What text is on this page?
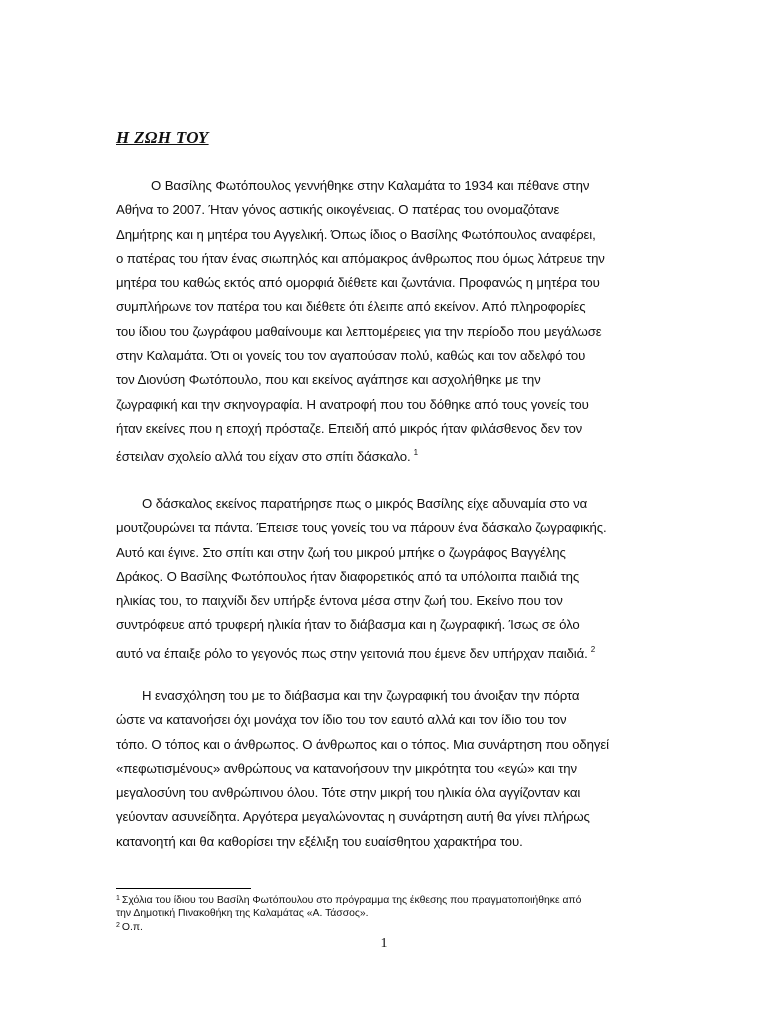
Η ΖΩΗ ΤΟΥ
Ο Βασίλης Φωτόπουλος γεννήθηκε στην Καλαμάτα το 1934 και πέθανε στην
Αθήνα το 2007. Ήταν γόνος αστικής οικογένειας. Ο πατέρας του ονομαζότανε
Δημήτρης και η μητέρα του Αγγελική. Όπως ίδιος ο Βασίλης Φωτόπουλος αναφέρει,
ο πατέρας του ήταν ένας σιωπηλός και απόμακρος άνθρωπος που όμως λάτρευε την
μητέρα του καθώς εκτός από ομορφιά διέθετε και ζωντάνια. Προφανώς η μητέρα του
συμπλήρωνε τον πατέρα του και διέθετε ότι έλειπε από εκείνον. Από πληροφορίες
του ίδιου του ζωγράφου μαθαίνουμε και λεπτομέρειες για την περίοδο που μεγάλωσε
στην Καλαμάτα. Ότι οι γονείς του τον αγαπούσαν πολύ, καθώς και τον αδελφό του
τον Διονύση Φωτόπουλο, που και εκείνος αγάπησε και ασχολήθηκε με την
ζωγραφική και την σκηνογραφία. Η ανατροφή που του δόθηκε από τους γονείς του
ήταν εκείνες που η εποχή πρόσταζε. Επειδή από μικρός ήταν φιλάσθενος δεν τον
έστειλαν σχολείο αλλά του είχαν στο σπίτι δάσκαλο. $^1$
Ο δάσκαλος εκείνος παρατήρησε πως ο μικρός Βασίλης είχε αδυναμία στο να
μουτζουρώνει τα πάντα. Έπεισε τους γονείς του να πάρουν ένα δάσκαλο ζωγραφικής.
Αυτό και έγινε. Στο σπίτι και στην ζωή του μικρού μπήκε ο ζωγράφος Βαγγέλης
Δράκος. Ο Βασίλης Φωτόπουλος ήταν διαφορετικός από τα υπόλοιπα παιδιά της
ηλικίας του, το παιχνίδι δεν υπήρξε έντονα μέσα στην ζωή του. Εκείνο που τον
συντρόφευε από τρυφερή ηλικία ήταν το διάβασμα και η ζωγραφική. Ίσως σε όλο
αυτό να έπαιξε ρόλο το γεγονός πως στην γειτονιά που έμενε δεν υπήρχαν παιδιά. $^2$
Η ενασχόληση του με το διάβασμα και την ζωγραφική του άνοιξαν την πόρτα
ώστε να κατανοήσει όχι μονάχα τον ίδιο του τον εαυτό αλλά και τον ίδιο του τον
τόπο. Ο τόπος και ο άνθρωπος. Ο άνθρωπος και ο τόπος. Μια συνάρτηση που οδηγεί
«πεφωτισμένους» ανθρώπους να κατανοήσουν την μικρότητα του «εγώ» και την
μεγαλοσύνη του ανθρώπινου όλου. Τότε στην μικρή του ηλικία όλα αγγίζονταν και
γεύονταν ασυνείδητα. Αργότερα μεγαλώνοντας η συνάρτηση αυτή θα γίνει πλήρως
κατανοητή και θα καθορίσει την εξέλιξη του ευαίσθητου χαρακτήρα του.
$^1$ Σχόλια του ίδιου του Βασίλη Φωτόπουλου στο πρόγραμμα της έκθεσης που πραγματοποιήθηκε από
την Δημοτική Πινακοθήκη της Καλαμάτας «Α. Τάσσος».
$^2$ Ο.π.
1
